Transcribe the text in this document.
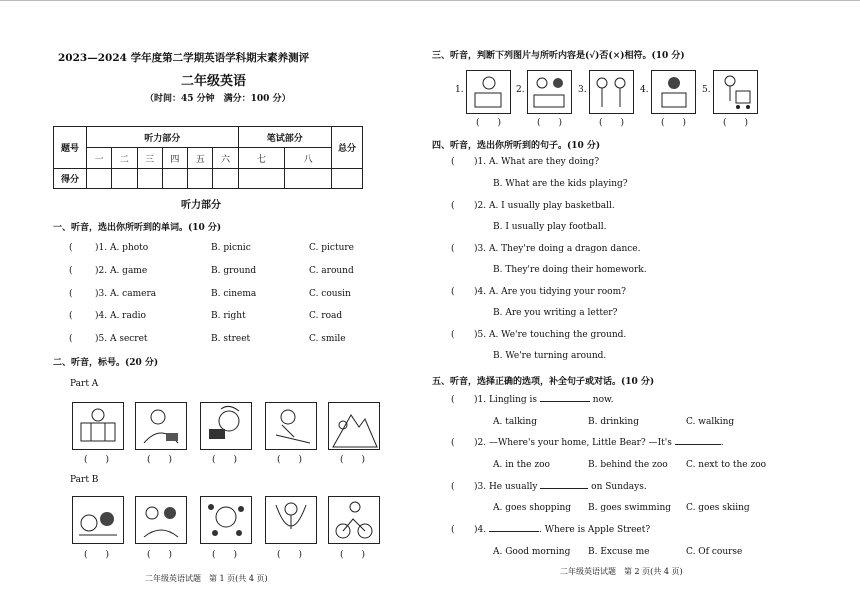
2023—2024 学年度第二学期英语学科期末素养测评
二年级英语
（时间：45 分钟　满分：100 分）
题号	听力部分						笔试部分		总分
	一	二	三	四	五	六	七	八	
得分									
听力部分
一、听音，选出你所听到的单词。(10 分)
( )1. A. photo	B. picnic	C. picture
( )2. A. game	B. ground	C. around
( )3. A. camera	B. cinema	C. cousin
( )4. A. radio	B. right	C. road
( )5. A secret	B. street	C. smile
二、听音，标号。(20 分)
Part A
(　　)	(　　)	(　　)	(　　)	(　　)
Part B
(　　)	(　　)	(　　)	(　　)	(　　)
二年级英语试题　第 1 页(共 4 页)
三、听音，判断下列图片与所听内容是(√)否(×)相符。(10 分)
1.	2.	3.	4.	5.
(　　)	(　　)	(　　)	(　　)	(　　)
四、听音，选出你所听到的句子。(10 分)
( )1. A. What are they doing?
B. What are the kids playing?
( )2. A. I usually play basketball.
B. I usually play football.
( )3. A. They're doing a dragon dance.
B. They're doing their homework.
( )4. A. Are you tidying your room?
B. Are you writing a letter?
( )5. A. We're touching the ground.
B. We're turning around.
五、听音，选择正确的选项，补全句子或对话。(10 分)
( )1. Lingling is	now.
A. talking	B. drinking	C. walking
( )2. —Where's your home, Little Bear? —It's	.
A. in the zoo	B. behind the zoo C. next to the zoo
( )3. He usually	on Sundays.
A. goes shopping B. goes swimming C. goes skiing
( )4.	. Where is Apple Street?
A. Good morning B. Excuse me	C. Of course
二年级英语试题　第 2 页(共 4 页)
